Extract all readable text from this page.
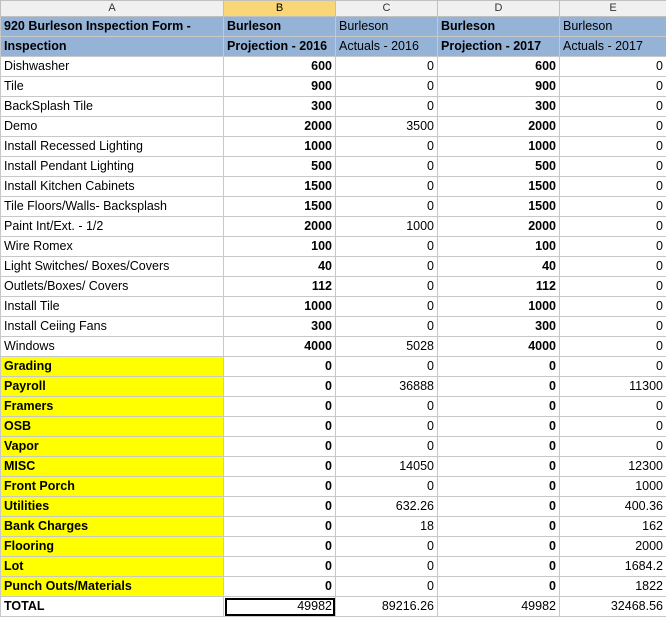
A	B	C	D	E
920 Burleson Inspection Form -	Burleson	Burleson	Burleson	Burleson
Inspection	Projection - 2016	Actuals - 2016	Projection - 2017	Actuals - 2017
Dishwasher	600	0	600	0
Tile	900	0	900	0
BackSplash Tile	300	0	300	0
Demo	2000	3500	2000	0
Install Recessed Lighting	1000	0	1000	0
Install Pendant Lighting	500	0	500	0
Install Kitchen Cabinets	1500	0	1500	0
Tile Floors/Walls- Backsplash	1500	0	1500	0
Paint Int/Ext. - 1/2	2000	1000	2000	0
Wire Romex	100	0	100	0
Light Switches/ Boxes/Covers	40	0	40	0
Outlets/Boxes/ Covers	112	0	112	0
Install Tile	1000	0	1000	0
Install Ceiing Fans	300	0	300	0
Windows	4000	5028	4000	0
Grading	0	0	0	0
Payroll	0	36888	0	11300
Framers	0	0	0	0
OSB	0	0	0	0
Vapor	0	0	0	0
MISC	0	14050	0	12300
Front Porch	0	0	0	1000
Utilities	0	632.26	0	400.36
Bank Charges	0	18	0	162
Flooring	0	0	0	2000
Lot	0	0	0	1684.2
Punch Outs/Materials	0	0	0	1822
TOTAL	49982	89216.26	49982	32468.56
